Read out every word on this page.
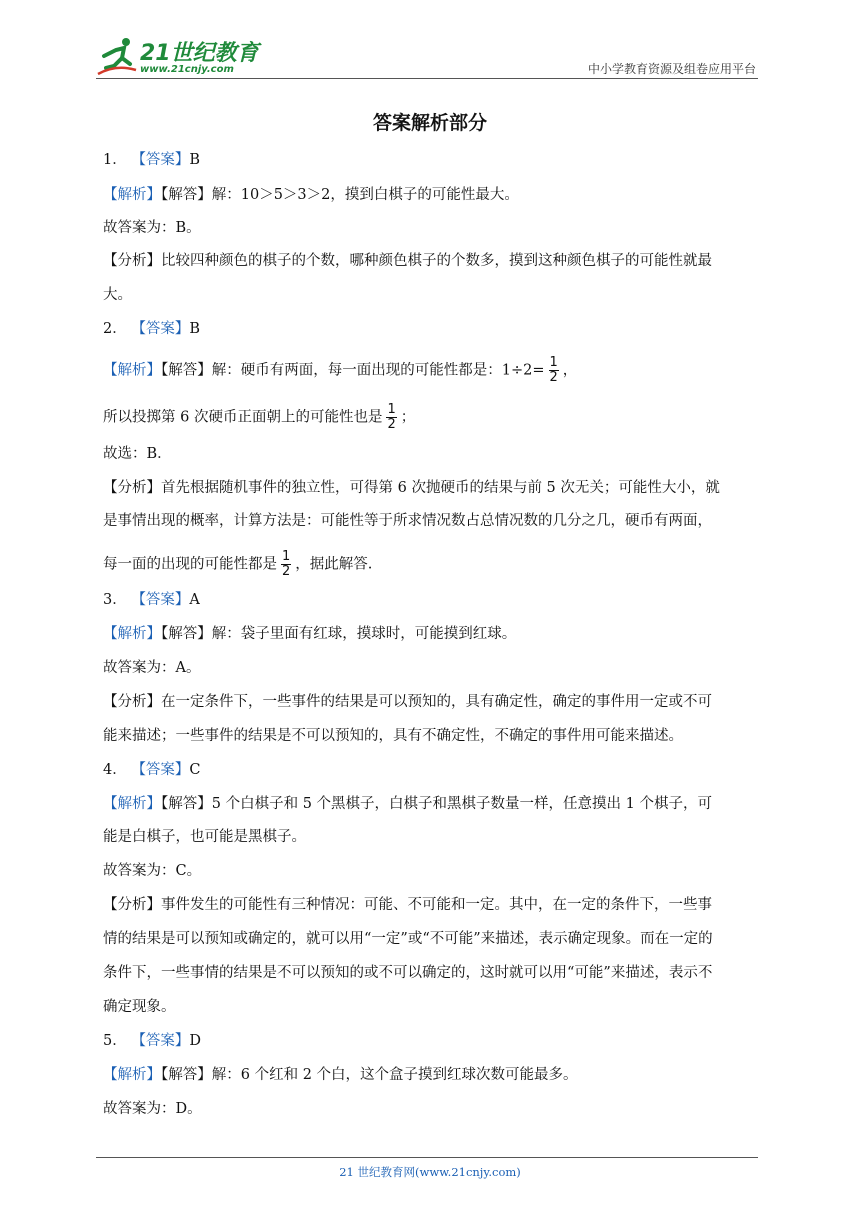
21世纪教育
www.21cnjy.com	中小学教育资源及组卷应用平台
答案解析部分
1． 【答案】B
【解析】【解答】解：10＞5＞3＞2，摸到白棋子的可能性最大。
故答案为：B。
【分析】比较四种颜色的棋子的个数，哪种颜色棋子的个数多，摸到这种颜色棋子的可能性就最
大。
2． 【答案】B
【解析】【解答】解：硬币有两面，每一面出现的可能性都是：$1\div 2= \frac{1}{2}$ ，
所以投掷第 6 次硬币正面朝上的可能性也是 $\frac{1}{2}$ ；
故选：B．
【分析】首先根据随机事件的独立性，可得第 6 次抛硬币的结果与前 5 次无关；可能性大小，就
是事情出现的概率，计算方法是：可能性等于所求情况数占总情况数的几分之几，硬币有两面，
每一面的出现的可能性都是 $\frac{1}{2}$ ，据此解答.
3． 【答案】A
【解析】【解答】解：袋子里面有红球，摸球时，可能摸到红球。
故答案为：A。
【分析】在一定条件下，一些事件的结果是可以预知的，具有确定性，确定的事件用一定或不可
能来描述；一些事件的结果是不可以预知的，具有不确定性，不确定的事件用可能来描述。
4． 【答案】C
【解析】【解答】5 个白棋子和 5 个黑棋子，白棋子和黑棋子数量一样，任意摸出 1 个棋子，可
能是白棋子，也可能是黑棋子。
故答案为：C。
【分析】事件发生的可能性有三种情况：可能、不可能和一定。其中，在一定的条件下，一些事
情的结果是可以预知或确定的，就可以用“一定”或“不可能”来描述，表示确定现象。而在一定的
条件下，一些事情的结果是不可以预知的或不可以确定的，这时就可以用“可能”来描述，表示不
确定现象。
5． 【答案】D
【解析】【解答】解：6 个红和 2 个白，这个盒子摸到红球次数可能最多。
故答案为：D。
21 世纪教育网(www.21cnjy.com)
